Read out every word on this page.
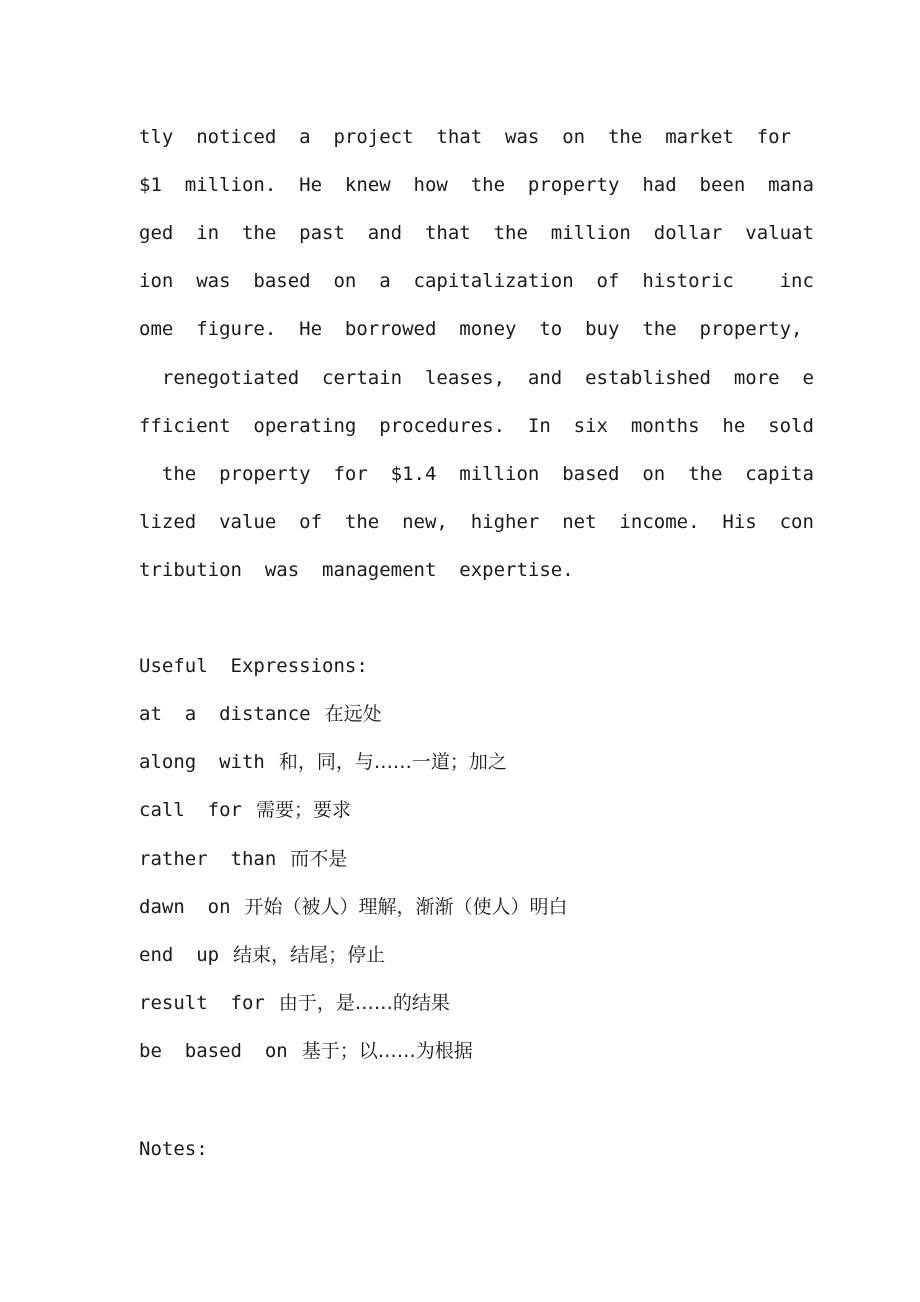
tly  noticed  a  project  that  was  on  the  market  for
$1  million.  He  knew  how  the  property  had  been  mana
ged  in  the  past  and  that  the  million  dollar  valuat
ion  was  based  on  a  capitalization  of  historic    inc
ome  figure.  He  borrowed  money  to  buy  the  property,
renegotiated  certain  leases,  and  established  more  e
fficient  operating  procedures.  In  six  months  he  sold
the  property  for  $1.4  million  based  on  the  capita
lized  value  of  the  new,  higher  net  income.  His  con
tribution  was  management  expertise.
Useful  Expressions:
at  a  distance 在远处
along  with 和，同，与……一道；加之
call  for 需要；要求
rather  than 而不是
dawn  on 开始（被人）理解，渐渐（使人）明白
end  up 结束，结尾；停止
result  for 由于，是……的结果
be  based  on 基于；以……为根据
Notes:
